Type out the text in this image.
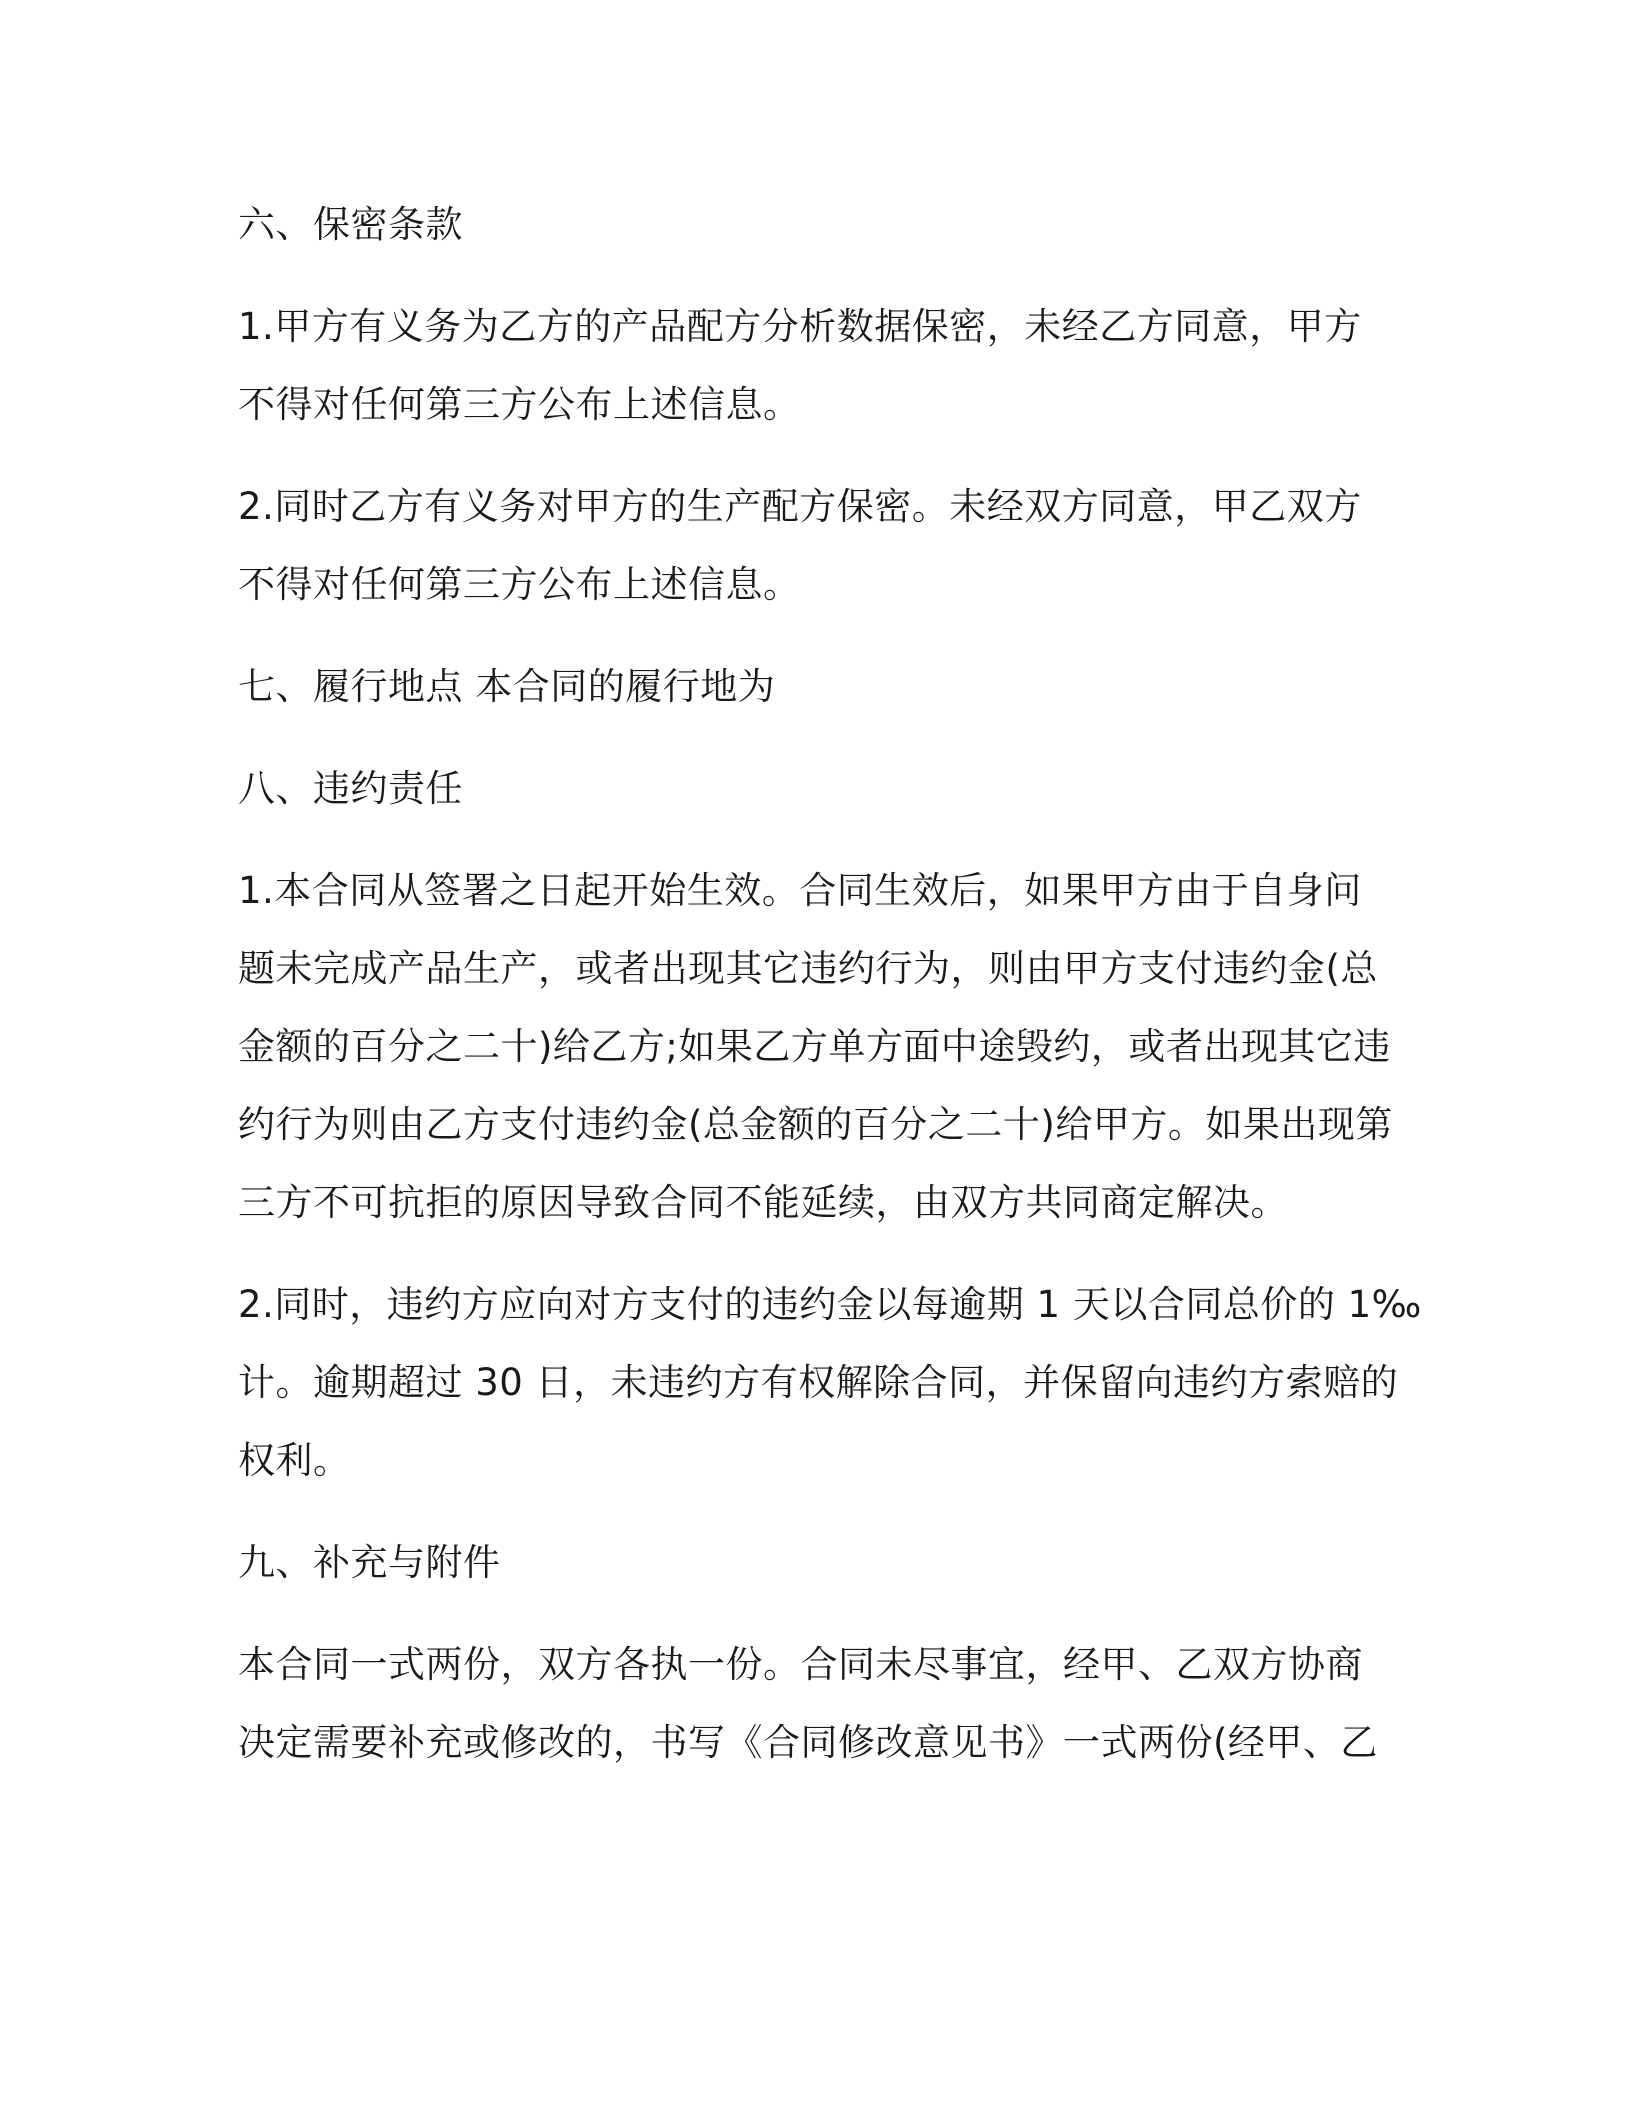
六、保密条款
1.甲方有义务为乙方的产品配方分析数据保密，未经乙方同意，甲方
不得对任何第三方公布上述信息。
2.同时乙方有义务对甲方的生产配方保密。未经双方同意，甲乙双方
不得对任何第三方公布上述信息。
七、履行地点 本合同的履行地为
八、违约责任
1.本合同从签署之日起开始生效。合同生效后，如果甲方由于自身问
题未完成产品生产，或者出现其它违约行为，则由甲方支付违约金(总
金额的百分之二十)给乙方;如果乙方单方面中途毁约，或者出现其它违
约行为则由乙方支付违约金(总金额的百分之二十)给甲方。如果出现第
三方不可抗拒的原因导致合同不能延续，由双方共同商定解决。
2.同时，违约方应向对方支付的违约金以每逾期 1 天以合同总价的 1‰
计。逾期超过 30 日，未违约方有权解除合同，并保留向违约方索赔的
权利。
九、补充与附件
本合同一式两份，双方各执一份。合同未尽事宜，经甲、乙双方协商
决定需要补充或修改的，书写《合同修改意见书》一式两份(经甲、乙
